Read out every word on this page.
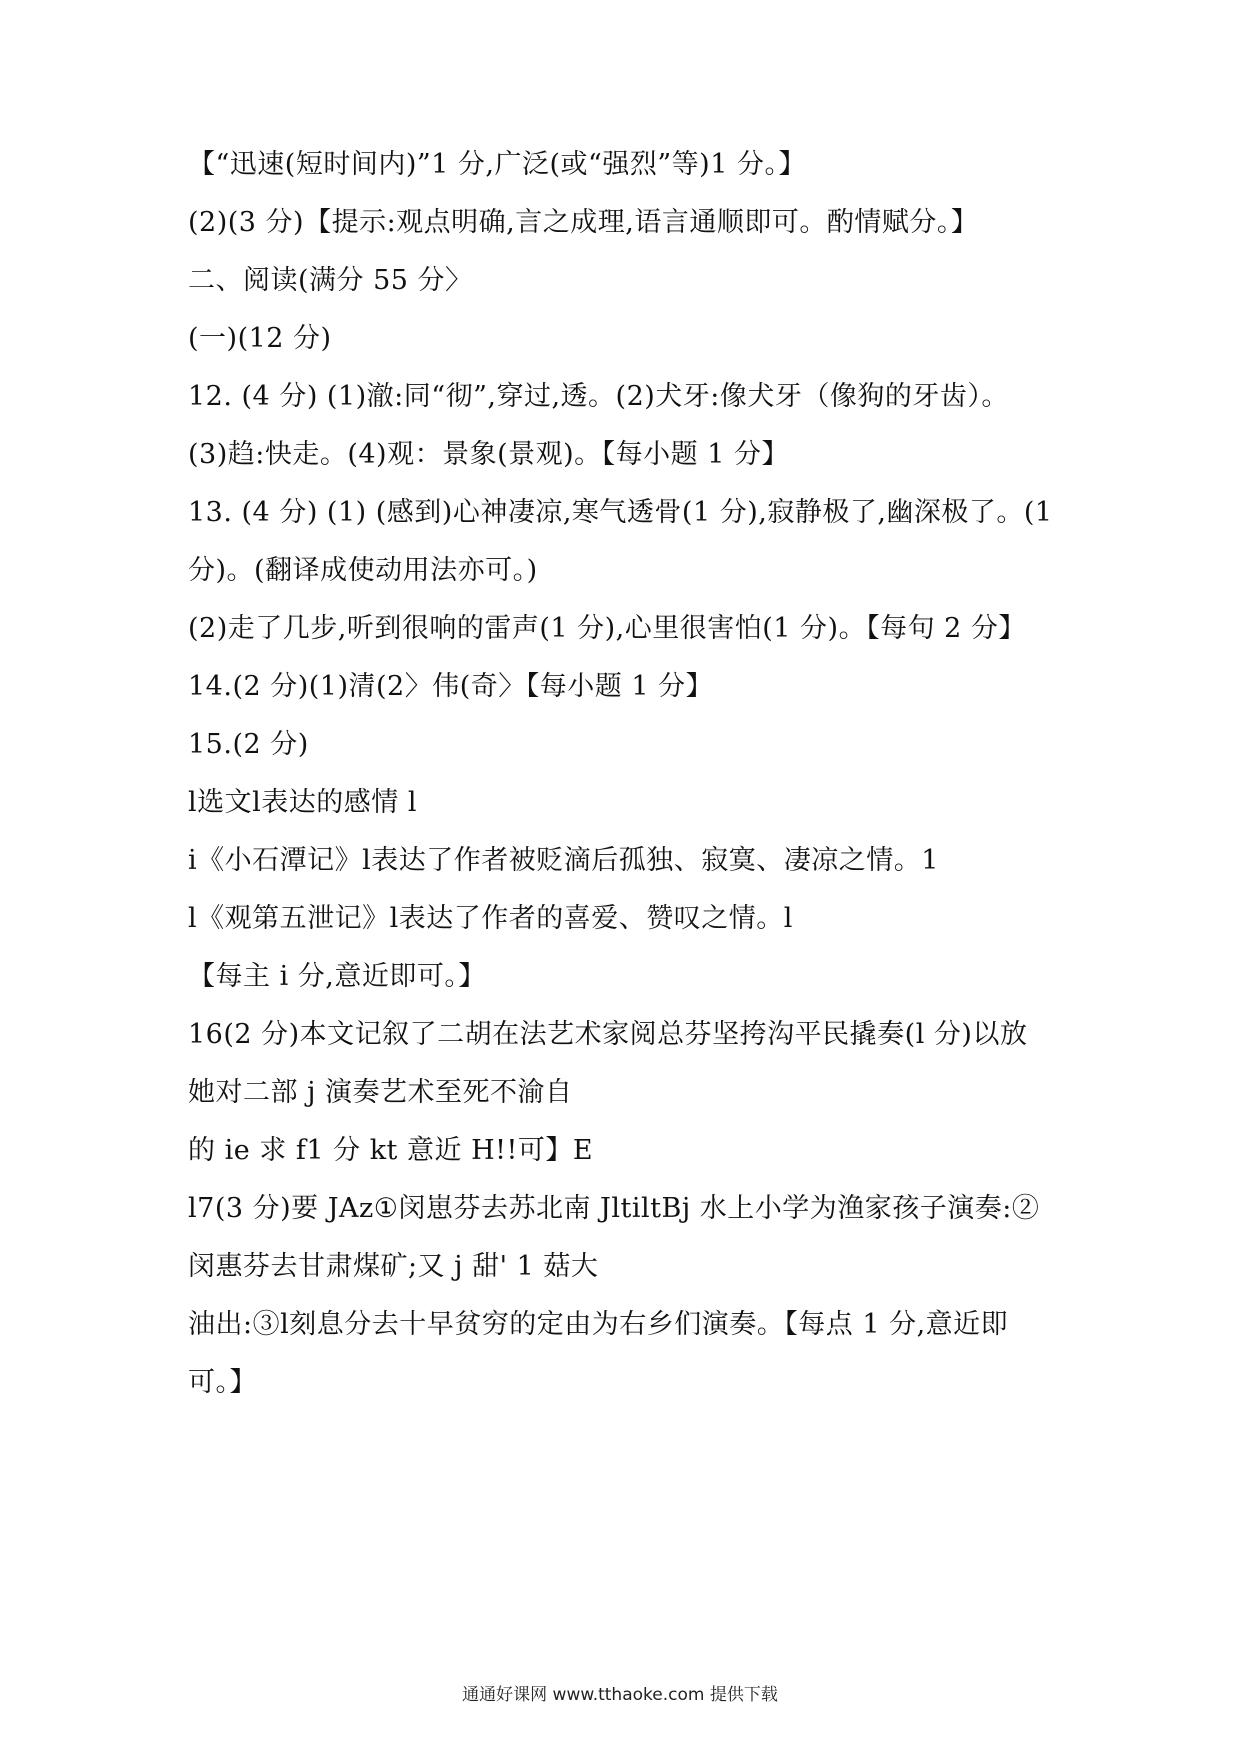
【“迅速(短时间内)”1 分,广泛(或“强烈”等)1 分。】
(2)(3 分)【提示:观点明确,言之成理,语言通顺即可。酌情赋分。】
二、阅读(满分 55 分〉
(一)(12 分)
12. (4 分) (1)澈:同“彻”,穿过,透。(2)犬牙:像犬牙（像狗的牙齿）。
(3)趋:快走。(4)观：景象(景观)。【每小题 1 分】
13. (4 分) (1) (感到)心神凄凉,寒气透骨(1 分),寂静极了,幽深极了。(1
分)。(翻译成使动用法亦可。)
(2)走了几步,听到很响的雷声(1 分),心里很害怕(1 分)。【每句 2 分】
14.(2 分)(1)清(2〉伟(奇〉【每小题 1 分】
15.(2 分)
l选文l表达的感情 l
i《小石潭记》l表达了作者被贬滴后孤独、寂寞、凄凉之情。1
l《观第五泄记》l表达了作者的喜爱、赞叹之情。l
【每主 i 分,意近即可。】
16(2 分)本文记叙了二胡在法艺术家阅总芬坚挎沟平民撬奏(l 分)以放
她对二部 j 演奏艺术至死不渝自
的 ie 求 f1 分 kt 意近 H!!可】E
l7(3 分)要 JAz①闵崽芬去苏北南 JltiltBj 水上小学为渔家孩子演奏:②
闵惠芬去甘肃煤矿;又 j 甜' 1 菇大
油出:③l刻息分去十早贫穷的定由为右乡们演奏。【每点 1 分,意近即
可。】
通通好课网 www.tthaoke.com 提供下载
